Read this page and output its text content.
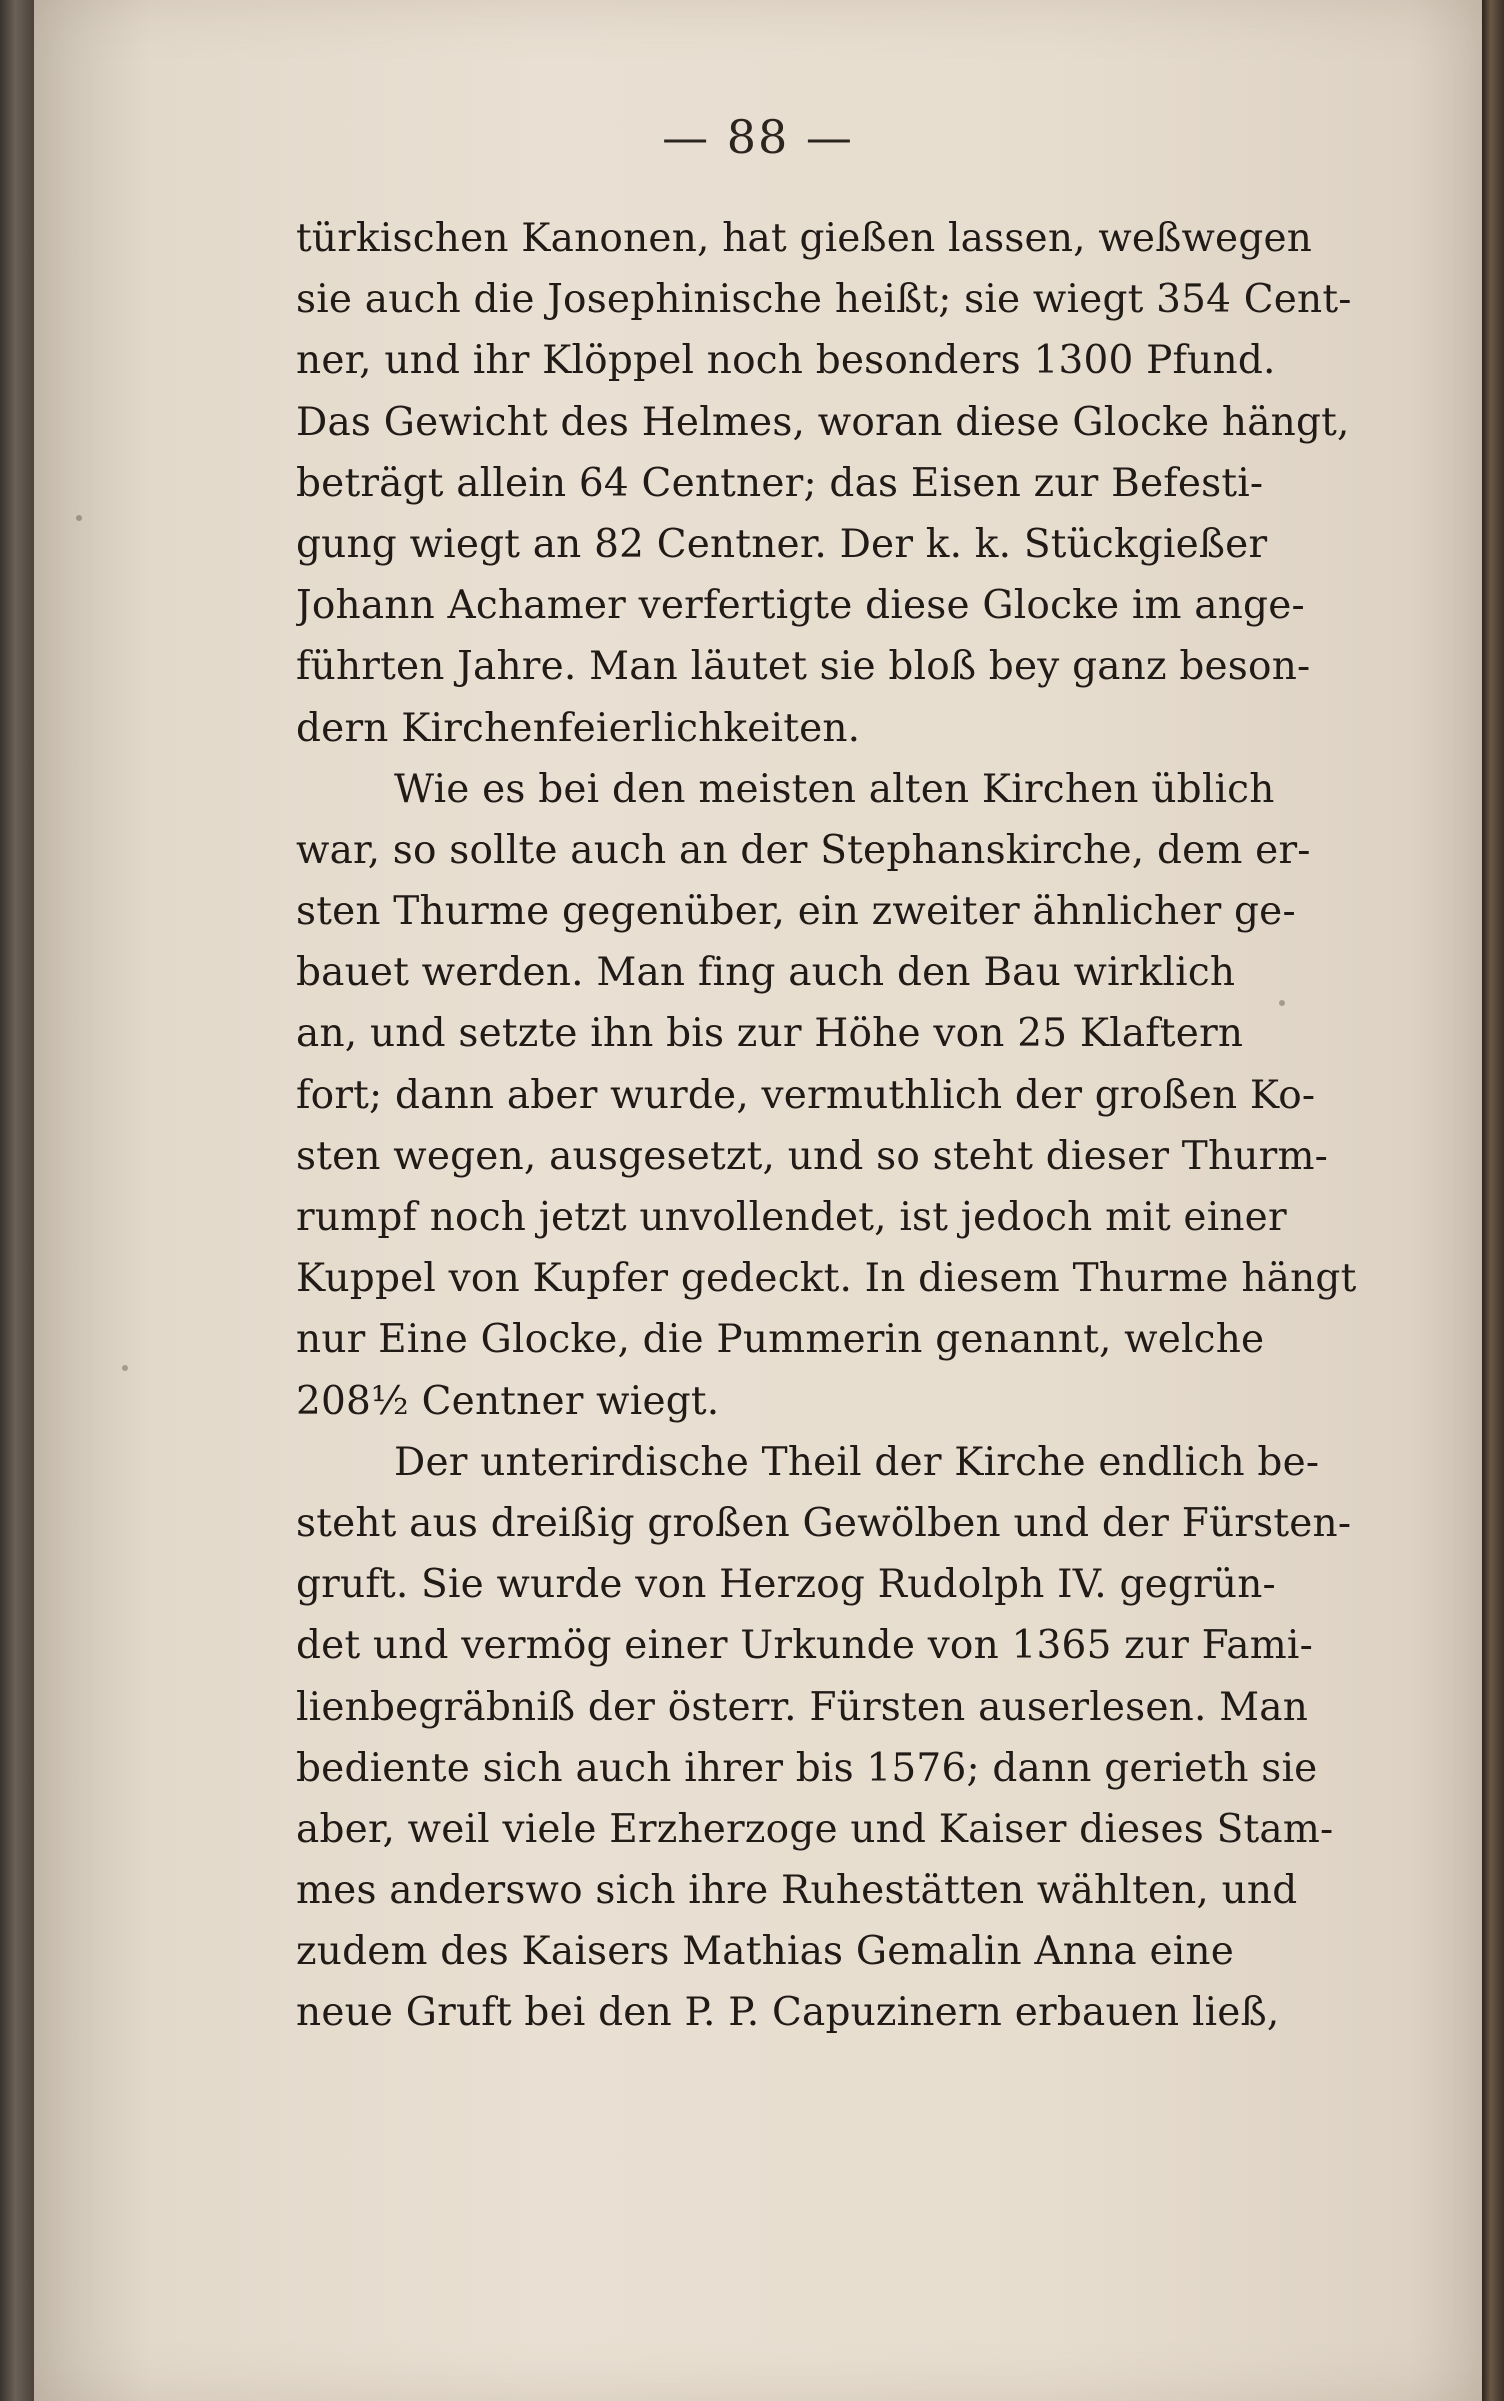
— 88 —
türkischen Kanonen, hat gießen lassen, weßwegen
sie auch die Josephinische heißt; sie wiegt 354 Cent-
ner, und ihr Klöppel noch besonders 1300 Pfund.
Das Gewicht des Helmes, woran diese Glocke hängt,
beträgt allein 64 Centner; das Eisen zur Befesti-
gung wiegt an 82 Centner. Der k. k. Stückgießer
Johann Achamer verfertigte diese Glocke im ange-
führten Jahre. Man läutet sie bloß bey ganz beson-
dern Kirchenfeierlichkeiten.
Wie es bei den meisten alten Kirchen üblich
war, so sollte auch an der Stephanskirche, dem er-
sten Thurme gegenüber, ein zweiter ähnlicher ge-
bauet werden. Man fing auch den Bau wirklich
an, und setzte ihn bis zur Höhe von 25 Klaftern
fort; dann aber wurde, vermuthlich der großen Ko-
sten wegen, ausgesetzt, und so steht dieser Thurm-
rumpf noch jetzt unvollendet, ist jedoch mit einer
Kuppel von Kupfer gedeckt. In diesem Thurme hängt
nur Eine Glocke, die Pummerin genannt, welche
208½ Centner wiegt.
Der unterirdische Theil der Kirche endlich be-
steht aus dreißig großen Gewölben und der Fürsten-
gruft. Sie wurde von Herzog Rudolph IV. gegrün-
det und vermög einer Urkunde von 1365 zur Fami-
lienbegräbniß der österr. Fürsten auserlesen. Man
bediente sich auch ihrer bis 1576; dann gerieth sie
aber, weil viele Erzherzoge und Kaiser dieses Stam-
mes anderswo sich ihre Ruhestätten wählten, und
zudem des Kaisers Mathias Gemalin Anna eine
neue Gruft bei den P. P. Capuzinern erbauen ließ,
